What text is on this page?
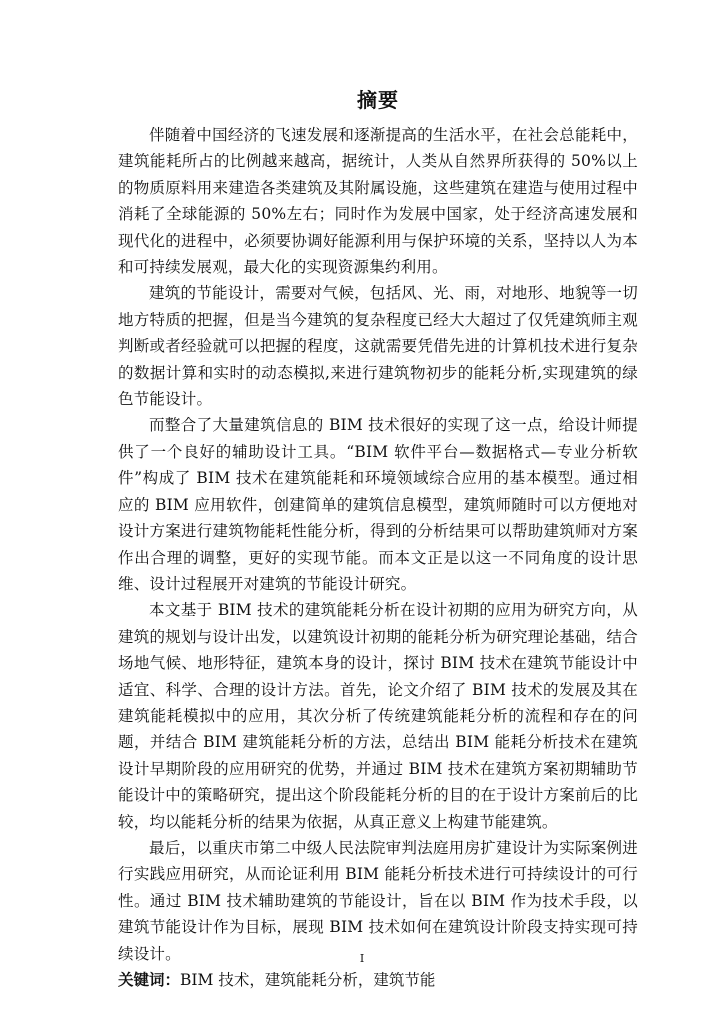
摘要

伴随着中国经济的飞速发展和逐渐提高的生活水平，在社会总能耗中，建筑能耗所占的比例越来越高，据统计，人类从自然界所获得的 50%以上的物质原料用来建造各类建筑及其附属设施，这些建筑在建造与使用过程中消耗了全球能源的 50%左右；同时作为发展中国家，处于经济高速发展和现代化的进程中，必须要协调好能源利用与保护环境的关系，坚持以人为本和可持续发展观，最大化的实现资源集约利用。

建筑的节能设计，需要对气候，包括风、光、雨，对地形、地貌等一切地方特质的把握，但是当今建筑的复杂程度已经大大超过了仅凭建筑师主观判断或者经验就可以把握的程度，这就需要凭借先进的计算机技术进行复杂的数据计算和实时的动态模拟,来进行建筑物初步的能耗分析,实现建筑的绿色节能设计。

而整合了大量建筑信息的 BIM 技术很好的实现了这一点，给设计师提供了一个良好的辅助设计工具。“BIM 软件平台—数据格式—专业分析软件”构成了 BIM 技术在建筑能耗和环境领域综合应用的基本模型。通过相应的 BIM 应用软件，创建简单的建筑信息模型，建筑师随时可以方便地对设计方案进行建筑物能耗性能分析，得到的分析结果可以帮助建筑师对方案作出合理的调整，更好的实现节能。而本文正是以这一不同角度的设计思维、设计过程展开对建筑的节能设计研究。

本文基于 BIM 技术的建筑能耗分析在设计初期的应用为研究方向，从建筑的规划与设计出发，以建筑设计初期的能耗分析为研究理论基础，结合场地气候、地形特征，建筑本身的设计，探讨 BIM 技术在建筑节能设计中适宜、科学、合理的设计方法。首先，论文介绍了 BIM 技术的发展及其在建筑能耗模拟中的应用，其次分析了传统建筑能耗分析的流程和存在的问题，并结合 BIM 建筑能耗分析的方法，总结出 BIM 能耗分析技术在建筑设计早期阶段的应用研究的优势，并通过 BIM 技术在建筑方案初期辅助节能设计中的策略研究，提出这个阶段能耗分析的目的在于设计方案前后的比较，均以能耗分析的结果为依据，从真正意义上构建节能建筑。

最后，以重庆市第二中级人民法院审判法庭用房扩建设计为实际案例进行实践应用研究，从而论证利用 BIM 能耗分析技术进行可持续设计的可行性。通过 BIM 技术辅助建筑的节能设计，旨在以 BIM 作为技术手段，以建筑节能设计作为目标，展现 BIM 技术如何在建筑设计阶段支持实现可持续设计。

关键词：BIM 技术，建筑能耗分析，建筑节能

I
